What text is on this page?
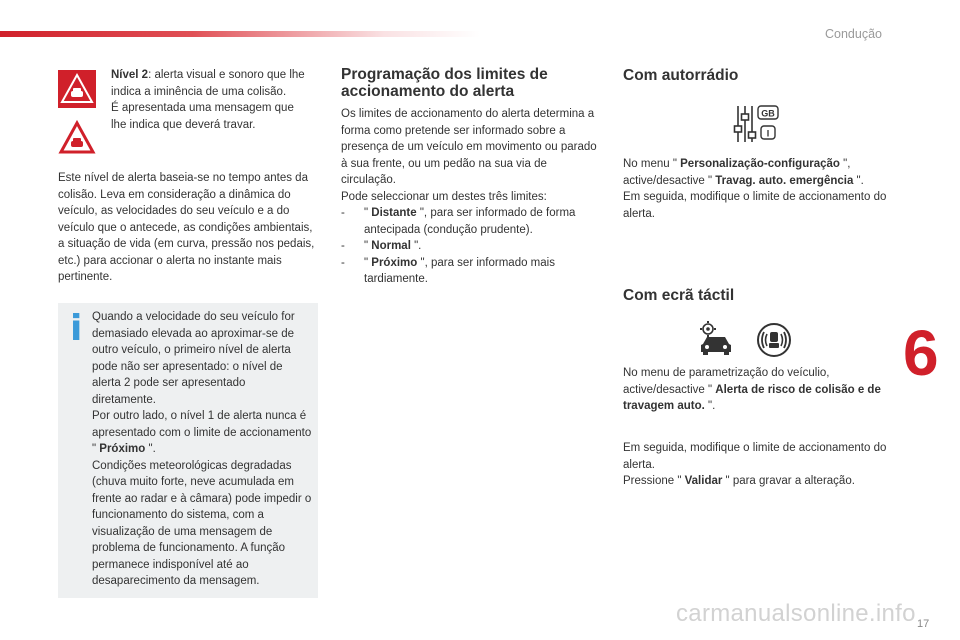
Condução

Nível 2: alerta visual e sonoro que lhe indica a iminência de uma colisão.

É apresentada uma mensagem que lhe indica que deverá travar.

Este nível de alerta baseia-se no tempo antes da colisão. Leva em consideração a dinâmica do veículo, as velocidades do seu veículo e a do veículo que o antecede, as condições ambientais, a situação de vida (em curva, pressão nos pedais, etc.) para accionar o alerta no instante mais pertinente.

i Quando a velocidade do seu veículo for demasiado elevada ao aproximar-se de outro veículo, o primeiro nível de alerta pode não ser apresentado: o nível de alerta 2 pode ser apresentado diretamente.

Por outro lado, o nível 1 de alerta nunca é apresentado com o limite de accionamento " Próximo ".

Condições meteorológicas degradadas (chuva muito forte, neve acumulada em frente ao radar e à câmara) pode impedir o funcionamento do sistema, com a visualização de uma mensagem de problema de funcionamento. A função permanece indisponível até ao desaparecimento da mensagem.

Programação dos limites de accionamento do alerta

Os limites de accionamento do alerta determina a forma como pretende ser informado sobre a presença de um veículo em movimento ou parado à sua frente, ou um pedão na sua via de circulação.

Pode seleccionar um destes três limites:

- " Distante ", para ser informado de forma antecipada (condução prudente).
- " Normal ".
- " Próximo ", para ser informado mais tardiamente.
Com autorrádio
GB
I

No menu " Personalização-configuração ", active/desactive " Travag. auto. emergência ".

Em seguida, modifique o limite de accionamento do alerta.

Com ecrã táctil

No menu de parametrização do veículio, active/desactive " Alerta de risco de colisão e de travagem auto. ".

Em seguida, modifique o limite de accionamento do alerta.

Pressione " Validar " para gravar a alteração.

6
carmanualsonline.info 17
